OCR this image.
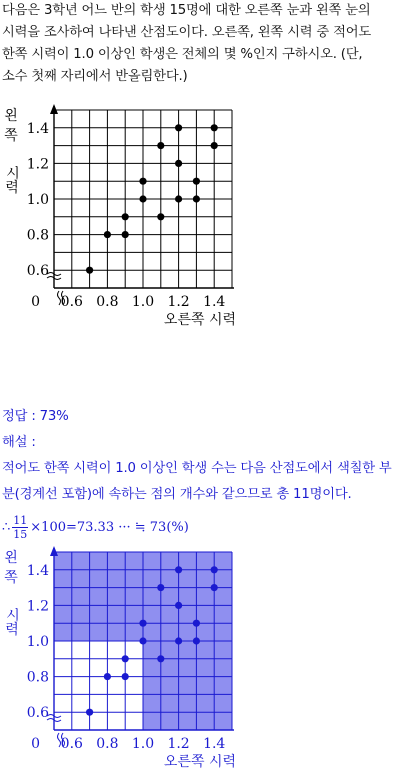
다음은 3학년 어느 반의 학생 15명에 대한 오른쪽 눈과 왼쪽 눈의

시력을 조사하여 나타낸 산점도이다. 오른쪽, 왼쪽 시력 중 적어도

한쪽 시력이 1.0 이상인 학생은 전체의 몇 %인지 구하시오. (단,

소수 첫째 자리에서 반올림한다.)

0.6 0.8 1.0 1.2 1.4
0.6
0.8
1.0
1.2
1.4
0
오른쪽 시력
왼
쪽
시
력

정답 : 73%

해설 :

적어도 한쪽 시력이 1.0 이상인 학생 수는 다음 산점도에서 색칠한 부

분(경계선 포함)에 속하는 점의 개수와 같으므로 총 11명이다.

∴ $\frac{11}{15} \times 100=73.33$ ··· ≒ 73(%)
0.6 0.8 1.0 1.2 1.4
0.6
0.8
1.0
1.2
1.4
0
오른쪽 시력
왼
쪽
시
력
